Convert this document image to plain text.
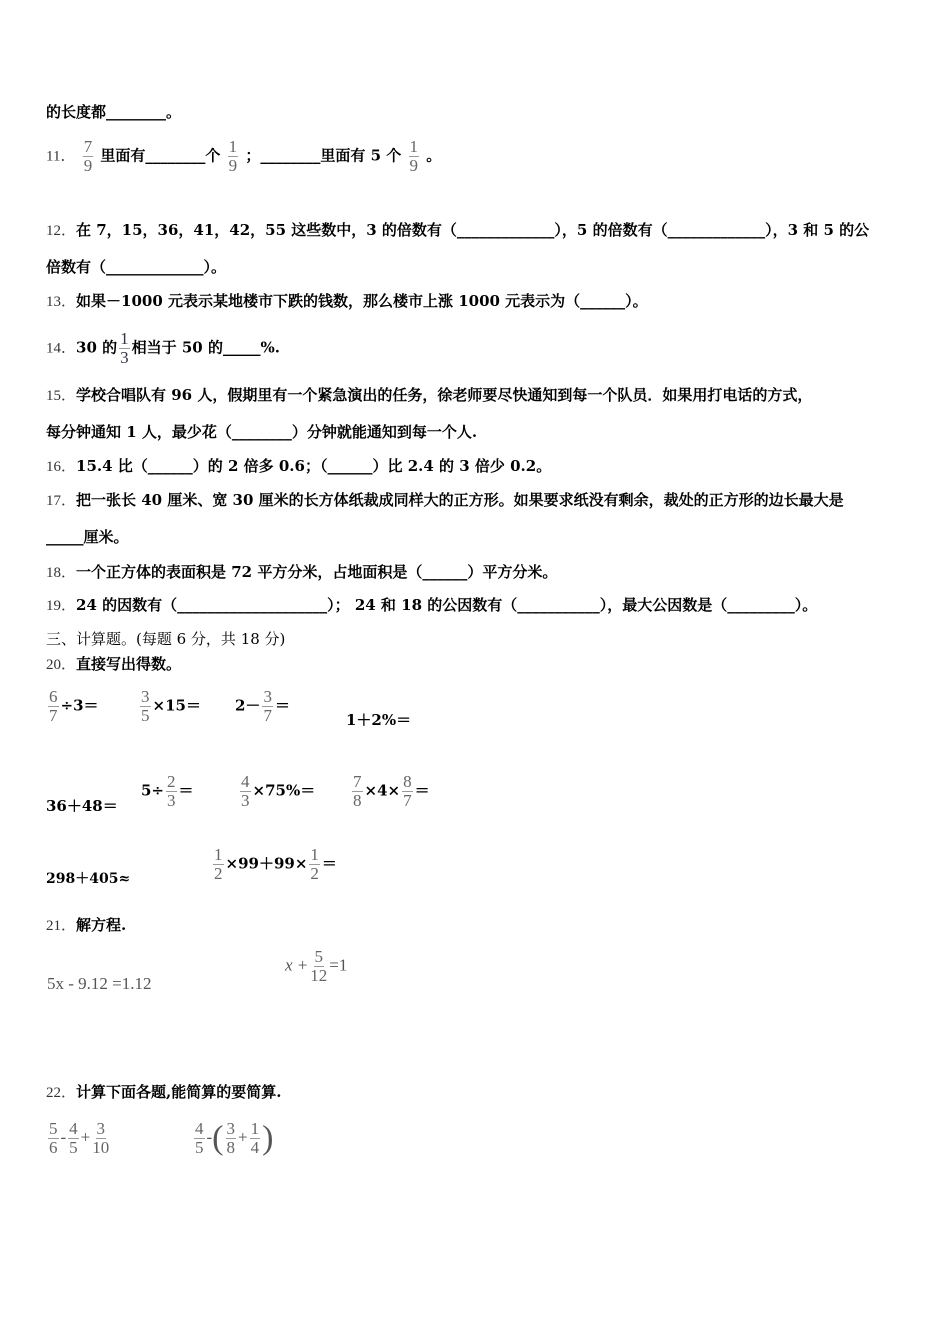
的长度都________。
11． $\frac{7}{9}$ 里面有________个 $\frac{1}{9}$ ；________里面有 5 个 $\frac{1}{9}$ 。
12．在 7，15，36，41，42，55 这些数中，3 的倍数有（_____________），5 的倍数有（_____________），3 和 5 的公
倍数有（_____________）。
13．如果－1000 元表示某地楼市下跌的钱数，那么楼市上涨 1000 元表示为（______）。
14．30 的 $\frac{1}{3}$ 相当于 50 的_____%.
15．学校合唱队有 96 人，假期里有一个紧急演出的任务，徐老师要尽快通知到每一个队员．如果用打电话的方式，
每分钟通知 1 人，最少花（________）分钟就能通知到每一个人.
16．15.4 比（______）的 2 倍多 0.6；（______）比 2.4 的 3 倍少 0.2。
17．把一张长 40 厘米、宽 30 厘米的长方体纸裁成同样大的正方形。如果要求纸没有剩余，裁处的正方形的边长最大是
_____厘米。
18．一个正方体的表面积是 72 平方分米，占地面积是（______）平方分米。
19．24 的因数有（____________________）； 24 和 18 的公因数有（___________），最大公因数是（_________）。
三、计算题。(每题 6 分，共 18 分)
20．直接写出得数。
$\frac{6}{7} \div 3= \frac{3}{5} \times 15= 2- \frac{3}{7}$ ＝
1＋2%＝
36＋48＝
$5\div \frac{2}{3}$ ＝	$\frac{4}{3} \times 75\%= \frac{7}{8} \times 4\times \frac{8}{7}$ ＝
298＋405≈	$\frac{1}{2} \times 99+99\times \frac{1}{2}$ ＝
21．解方程.
5x - 9.12 =1.12
$x + \frac{5}{12} =1$
22．计算下面各题,能简算的要简算.
$\frac{5}{6} - \frac{4}{5} + \frac{3}{10}$	$\frac{4}{5}$ -( $\frac{3}{8} + \frac{1}{4}$ )
